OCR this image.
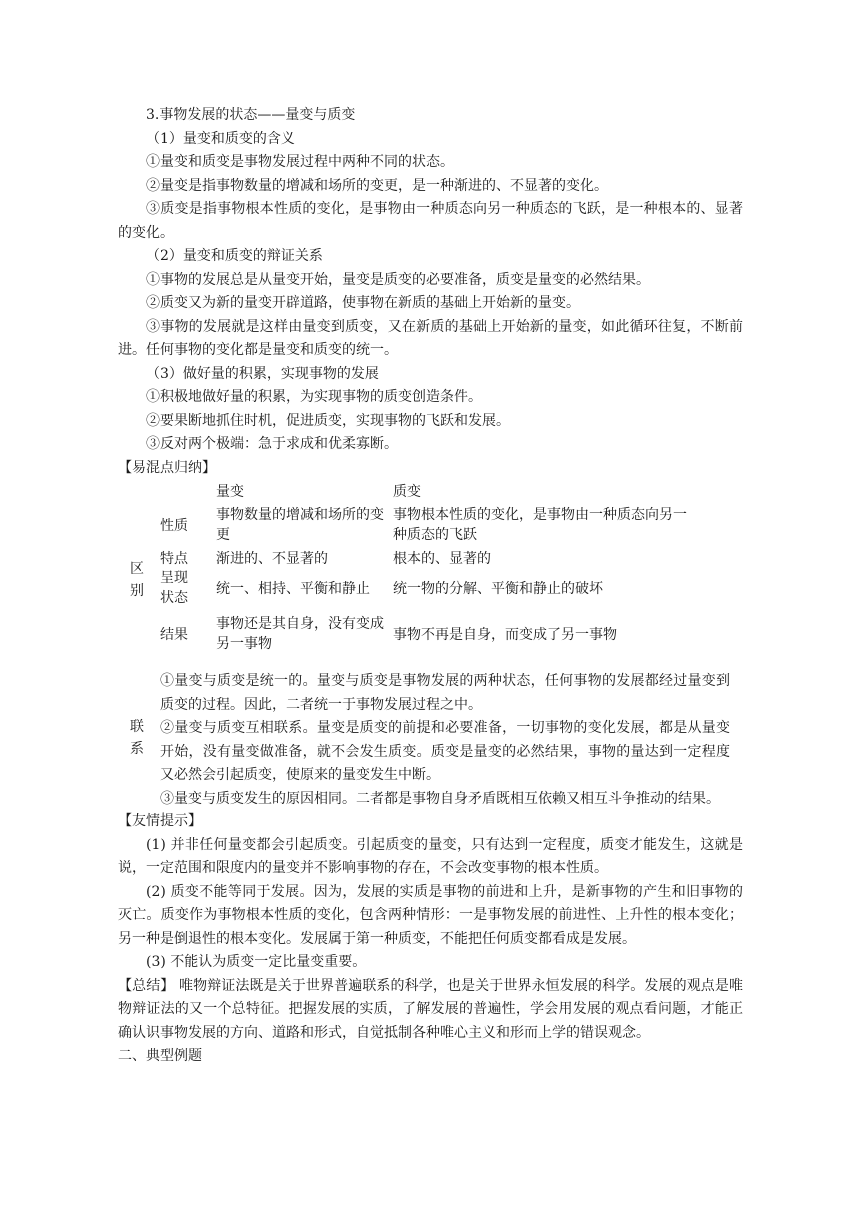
3.事物发展的状态——量变与质变

（1）量变和质变的含义

①量变和质变是事物发展过程中两种不同的状态。

②量变是指事物数量的增减和场所的变更，是一种渐进的、不显著的变化。

③质变是指事物根本性质的变化，是事物由一种质态向另一种质态的飞跃，是一种根本的、显著的变化。

（2）量变和质变的辩证关系

①事物的发展总是从量变开始，量变是质变的必要准备，质变是量变的必然结果。

②质变又为新的量变开辟道路，使事物在新质的基础上开始新的量变。

③事物的发展就是这样由量变到质变，又在新质的基础上开始新的量变，如此循环往复，不断前进。任何事物的变化都是量变和质变的统一。

（3）做好量的积累，实现事物的发展

①积极地做好量的积累，为实现事物的质变创造条件。

②要果断地抓住时机，促进质变，实现事物的飞跃和发展。

③反对两个极端：急于求成和优柔寡断。

【易混点归纳】

量变	质变
区别
性质
事物数量的增减和场所的变更
事物根本性质的变化，是事物由一种质态向另一种质态的飞跃
特点 渐进的、不显著的	根本的、显著的
呈现状态
统一、相持、平衡和静止 统一物的分解、平衡和静止的破坏
结果
事物还是其自身，没有变成另一事物
事物不再是自身，而变成了另一事物
联系

①量变与质变是统一的。量变与质变是事物发展的两种状态，任何事物的发展都经过量变到质变的过程。因此，二者统一于事物发展过程之中。

②量变与质变互相联系。量变是质变的前提和必要准备，一切事物的变化发展，都是从量变开始，没有量变做准备，就不会发生质变。质变是量变的必然结果，事物的量达到一定程度又必然会引起质变，使原来的量变发生中断。

③量变与质变发生的原因相同。二者都是事物自身矛盾既相互依赖又相互斗争推动的结果。

【友情提示】

(1) 并非任何量变都会引起质变。引起质变的量变，只有达到一定程度，质变才能发生，这就是说，一定范围和限度内的量变并不影响事物的存在，不会改变事物的根本性质。

(2) 质变不能等同于发展。因为，发展的实质是事物的前进和上升，是新事物的产生和旧事物的灭亡。质变作为事物根本性质的变化，包含两种情形：一是事物发展的前进性、上升性的根本变化；另一种是倒退性的根本变化。发展属于第一种质变，不能把任何质变都看成是发展。

(3) 不能认为质变一定比量变重要。

【总结】 唯物辩证法既是关于世界普遍联系的科学，也是关于世界永恒发展的科学。发展的观点是唯物辩证法的又一个总特征。把握发展的实质，了解发展的普遍性，学会用发展的观点看问题，才能正确认识事物发展的方向、道路和形式，自觉抵制各种唯心主义和形而上学的错误观念。

二、典型例题
